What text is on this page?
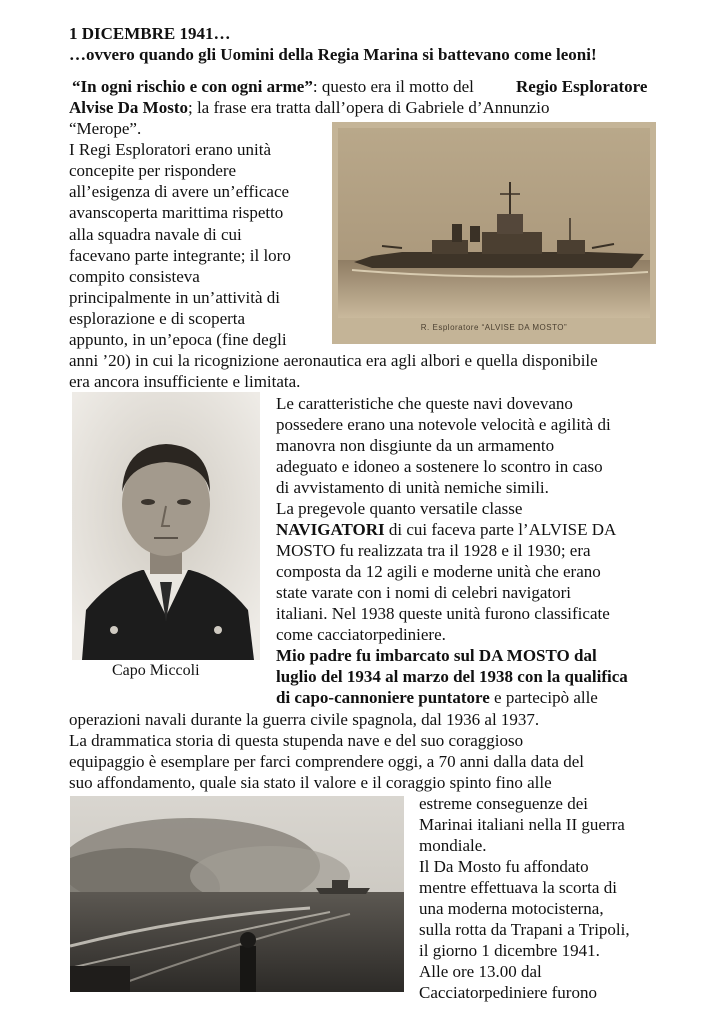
1 DICEMBRE 1941…
…ovvero quando gli Uomini della Regia Marina si battevano come leoni!
“In ogni rischio e con ogni arme”: questo era il motto del Regio Esploratore
Alvise Da Mosto; la frase era tratta dall’opera di Gabriele d’Annunzio
“Merope”.
I Regi Esploratori erano unità
concepite per rispondere
all’esigenza di avere un’efficace
avanscoperta marittima rispetto
alla squadra navale di cui
facevano parte integrante; il loro
compito consisteva
principalmente in un’attività di
esplorazione e di scoperta
appunto, in un’epoca (fine degli
anni ’20) in cui la ricognizione aeronautica era agli albori e quella disponibile
era ancora insufficiente e limitata.
R. Esploratore “ALVISE DA MOSTO”
Capo Miccoli
Le caratteristiche che queste navi dovevano
possedere erano una notevole velocità e agilità di
manovra non disgiunte da un armamento
adeguato e idoneo a sostenere lo scontro in caso
di avvistamento di unità nemiche simili.
La pregevole quanto versatile classe
NAVIGATORI di cui faceva parte l’ALVISE DA
MOSTO fu realizzata tra il 1928 e il 1930; era
composta da 12 agili e moderne unità che erano
state varate con i nomi di celebri navigatori
italiani. Nel 1938 queste unità furono classificate
come cacciatorpediniere.
Mio padre fu imbarcato sul DA MOSTO dal
luglio del 1934 al marzo del 1938 con la qualifica
di capo-cannoniere puntatore e partecipò alle
operazioni navali durante la guerra civile spagnola, dal 1936 al 1937.
La drammatica storia di questa stupenda nave e del suo coraggioso
equipaggio è esemplare per farci comprendere oggi, a 70 anni dalla data del
suo affondamento, quale sia stato il valore e il coraggio spinto fino alle
estreme conseguenze dei
Marinai italiani nella II guerra
mondiale.
Il Da Mosto fu affondato
mentre effettuava la scorta di
una moderna motocisterna,
sulla rotta da Trapani a Tripoli,
il giorno 1 dicembre 1941.
Alle ore 13.00 dal
Cacciatorpediniere furono
